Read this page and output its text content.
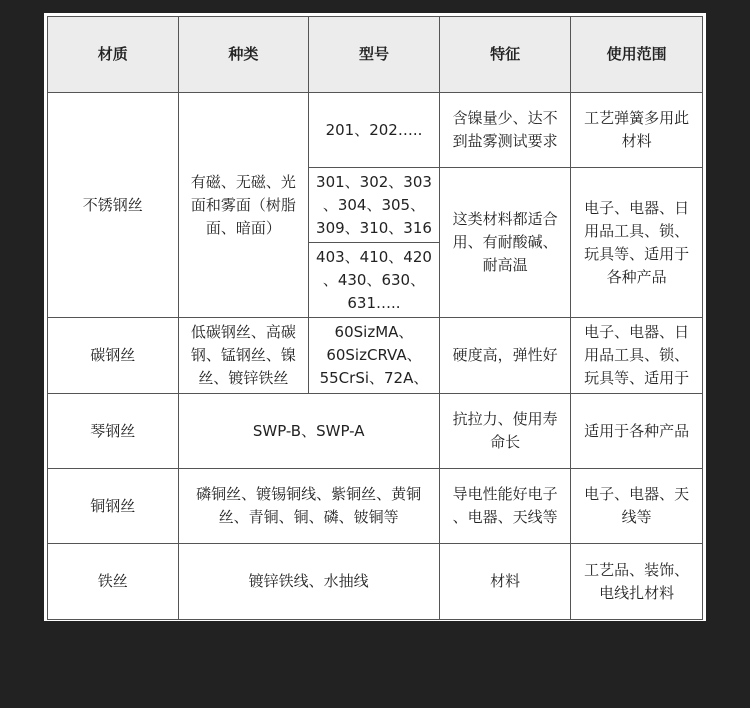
材质	种类	型号	特征	使用范围
不锈钢丝	有磁、无磁、光
面和雾面（树脂
面、暗面）	201、202…..	含镍量少、达不
到盐雾测试要求	工艺弹簧多用此
材料

		301、302、303
、304、305、
309、310、316	这类材料都适合
用、有耐酸碱、
耐高温	电子、电器、日
用品工具、锁、
玩具等、适用于
各种产品

		403、410、420
、430、630、
631…..		

碳钢丝	低碳钢丝、高碳
钢、锰钢丝、镍
丝、镀锌铁丝	60SizMA、
60SizCRVA、
55CrSi、72A、	硬度高，弹性好	电子、电器、日
用品工具、锁、
玩具等、适用于

琴钢丝	SWP-B、SWP-A		抗拉力、使用寿
命长	适用于各种产品

铜钢丝	磷铜丝、镀锡铜线、紫铜丝、黄铜
丝、青铜、铜、磷、铍铜等		导电性能好电子
、电器、天线等	电子、电器、天
线等

铁丝	镀锌铁线、水抽线		材料	工艺品、装饰、
电线扎材料
